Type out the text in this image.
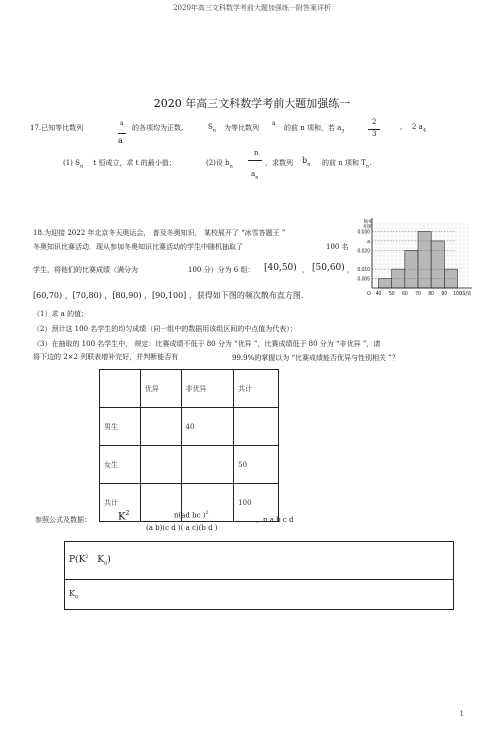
2020年高三文科数学考前大题加强练一附答案详析
2020 年高三文科数学考前大题加强练一
17.已知等比数列
a
的各项均为正数,	$S_n$ 为等比数列
a
的前 n 项和，若 $a_3$
2
3
, 2 $a_4$
a
(1) $S_n$ t 恒成立，求 t 的最小值；	(2)设 $b_n$
n
$a_n$
，求数列 $b_n$ 的前 n 项和 $T_n$.
18.为迎接 2022 年北京冬天奥运会， 普及冬奥知识， 某校展开了 “冰雪答题王 ”
冬奥知识比赛活动．现从参加冬奥知识比赛活动的学生中随机抽取了	100 名
学生，将他们的比赛成绩（满分为	100 分）分为 6 组： [40,50) ， [50,60) ，
[60,70) ，[70,80) ，[80,90) ，[90,100] ，获得如下图的频次散布直方图.
（1）求 a 的值；
（2）预计这 100 名学生的均匀成绩（同一组中的数据用该组区间的中点值为代表）；
（3）在抽取的 100 名学生中， 规定：比赛成绩不低于 80 分为 “优异 ”，比赛成绩低于 80 分为 “非优异 ”，请
将下边的 2×2 列联表增补完好，并判断能否有	99.9%的掌握以为 “比赛成绩能否优异与性别相关 ”？
0.030
a
0.020
0.010
0.005
频率
组距
O 40 50 60 70 80 90 100 成绩
	优异	非优异	共计
男生		40	
女生			50
共计			100
参照公式及数据：	$K^2$	n(ad bc )$^2$
(a b)(c d )( a c)(b d )
，n a b c d
$P(K^2$ $K_0$)
$K_0$
1
